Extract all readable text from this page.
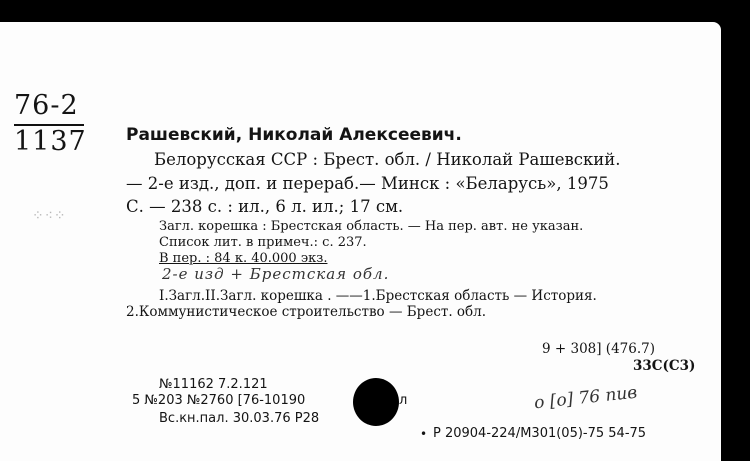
76-2
1137
⁘⁖⁘
Рашевский, Николай Алексеевич.
Белорусская ССР : Брест. обл. / Николай Рашевский.
— 2-е изд., доп. и перераб.— Минск : «Беларусь», 1975
С. — 238 с. : ил., 6 л. ил.; 17 см.
Загл. корешка : Брестская область. — На пер. авт. не указан.
Список лит. в примеч.: с. 237.
В пер. : 84 к. 40.000 экз.
2-е изд + Брестская обл.
I.Загл.II.Загл. корешка . ——1.Брестская область — История.
2.Коммунистическое строительство — Брест. обл.
9 + 308] (476.7)
33С(С3)
№11162 7.2.121
5 №203 №2760 [76-10190	л
Вс.кн.пал. 30.03.76 Р28
о [о] 76 пив
• Р 20904-224/М301(05)-75 54-75
